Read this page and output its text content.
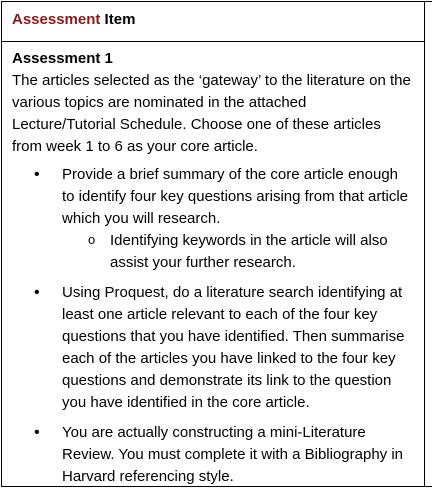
Assessment Item
Assessment 1
The articles selected as the ‘gateway’ to the literature on the various topics are nominated in the attached Lecture/Tutorial Schedule. Choose one of these articles from week 1 to 6 as your core article.
• Provide a brief summary of the core article enough to identify four key questions arising from that article which you will research.
o Identifying keywords in the article will also assist your further research.
• Using Proquest, do a literature search identifying at least one article relevant to each of the four key questions that you have identified. Then summarise each of the articles you have linked to the four key questions and demonstrate its link to the question you have identified in the core article.
• You are actually constructing a mini-Literature Review. You must complete it with a Bibliography in Harvard referencing style.
